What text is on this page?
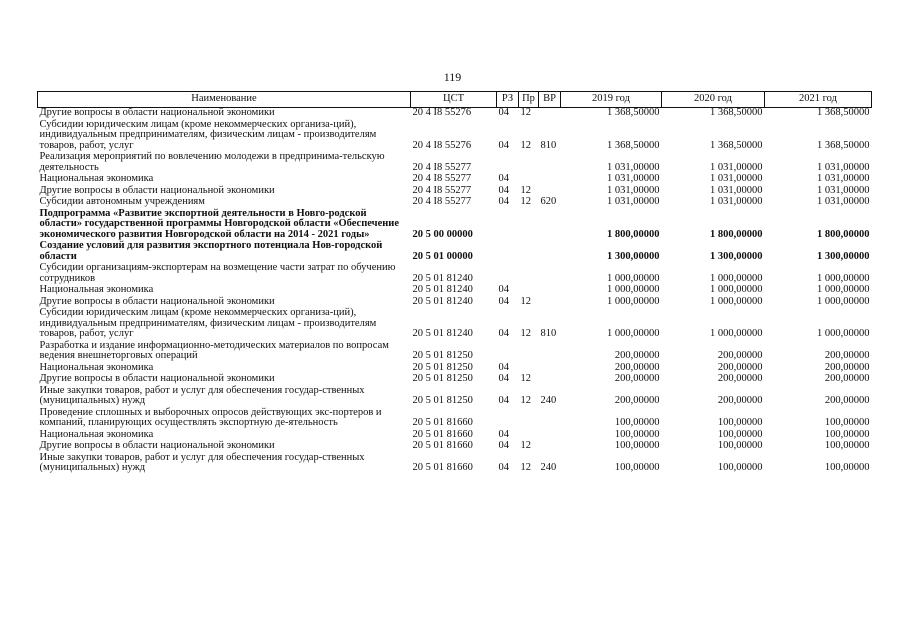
119
Наименование	ЦСТ	РЗ	Пр	ВР	2019 год	2020 год	2021 год
Другие вопросы в области национальной экономики	20 4 I8 55276	04	12		1 368,50000	1 368,50000	1 368,50000
Субсидии юридическим лицам (кроме некоммерческих организа-ций), индивидуальным предпринимателям, физическим лицам - производителям товаров, работ, услуг	20 4 I8 55276	04	12	810	1 368,50000	1 368,50000	1 368,50000
Реализация мероприятий по вовлечению молодежи в предпринима-тельскую деятельность	20 4 I8 55277				1 031,00000	1 031,00000	1 031,00000
Национальная экономика	20 4 I8 55277	04			1 031,00000	1 031,00000	1 031,00000
Другие вопросы в области национальной экономики	20 4 I8 55277	04	12		1 031,00000	1 031,00000	1 031,00000
Субсидии автономным учреждениям	20 4 I8 55277	04	12	620	1 031,00000	1 031,00000	1 031,00000
Подпрограмма «Развитие экспортной деятельности в Новго-родской области» государственной программы Новгородской области «Обеспечение экономического развития Новгородской области на 2014 - 2021 годы»	20 5 00 00000				1 800,00000	1 800,00000	1 800,00000
Создание условий для развития экспортного потенциала Нов-городской области	20 5 01 00000				1 300,00000	1 300,00000	1 300,00000
Субсидии организациям-экспортерам на возмещение части затрат по обучению сотрудников	20 5 01 81240				1 000,00000	1 000,00000	1 000,00000
Национальная экономика	20 5 01 81240	04			1 000,00000	1 000,00000	1 000,00000
Другие вопросы в области национальной экономики	20 5 01 81240	04	12		1 000,00000	1 000,00000	1 000,00000
Субсидии юридическим лицам (кроме некоммерческих организа-ций), индивидуальным предпринимателям, физическим лицам - производителям товаров, работ, услуг	20 5 01 81240	04	12	810	1 000,00000	1 000,00000	1 000,00000
Разработка и издание информационно-методических материалов по вопросам ведения внешнеторговых операций	20 5 01 81250				200,00000	200,00000	200,00000
Национальная экономика	20 5 01 81250	04			200,00000	200,00000	200,00000
Другие вопросы в области национальной экономики	20 5 01 81250	04	12		200,00000	200,00000	200,00000
Иные закупки товаров, работ и услуг для обеспечения государ-ственных (муниципальных) нужд	20 5 01 81250	04	12	240	200,00000	200,00000	200,00000
Проведение сплошных и выборочных опросов действующих экс-портеров и компаний, планирующих осуществлять экспортную де-ятельность	20 5 01 81660				100,00000	100,00000	100,00000
Национальная экономика	20 5 01 81660	04			100,00000	100,00000	100,00000
Другие вопросы в области национальной экономики	20 5 01 81660	04	12		100,00000	100,00000	100,00000
Иные закупки товаров, работ и услуг для обеспечения государ-ственных (муниципальных) нужд	20 5 01 81660	04	12	240	100,00000	100,00000	100,00000
